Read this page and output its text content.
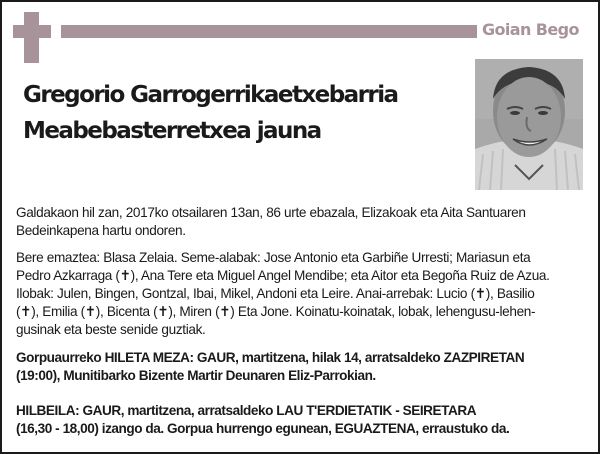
Goian Bego
Gregorio Garrogerrikaetxebarria
Meabebasterretxea jauna

Galdakaon hil zan, 2017ko otsailaren 13an, 86 urte ebazala, Elizakoak eta Aita Santuaren
Bedeinkapena hartu ondoren.

Bere emaztea: Blasa Zelaia. Seme-alabak: Jose Antonio eta Garbiñe Urresti; Mariasun eta
Pedro Azkarraga (✝), Ana Tere eta Miguel Angel Mendibe; eta Aitor eta Begoña Ruiz de Azua.
Ilobak: Julen, Bingen, Gontzal, Ibai, Mikel, Andoni eta Leire. Anai-arrebak: Lucio (✝), Basilio
(✝), Emilia (✝), Bicenta (✝), Miren (✝) Eta Jone. Koinatu-koinatak, lobak, lehengusu-lehen-
gusinak eta beste senide guztiak.

Gorpuaurreko HILETA MEZA: GAUR, martitzena, hilak 14, arratsaldeko ZAZPIRETAN
(19:00), Munitibarko Bizente Martir Deunaren Eliz-Parrokian.

HILBEILA: GAUR, martitzena, arratsaldeko LAU T'ERDIETATIK - SEIRETARA
(16,30 - 18,00) izango da. Gorpua hurrengo egunean, EGUAZTENA, erraustuko da.
